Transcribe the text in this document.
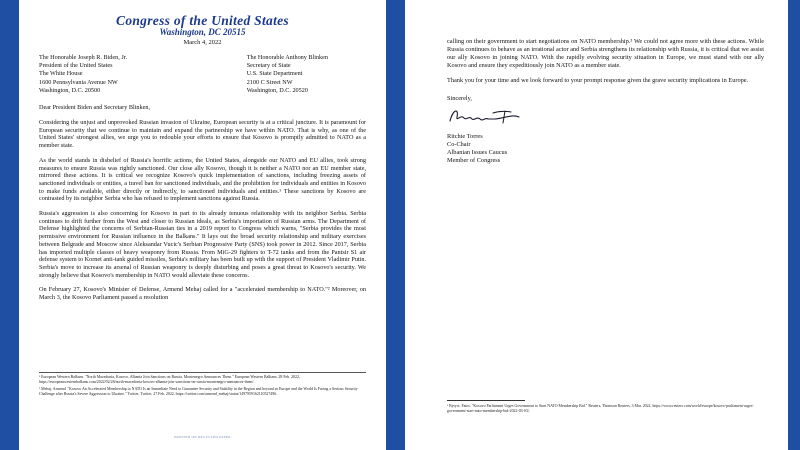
Congress of the United States
Washington, DC 20515
March 4, 2022
The Honorable Joseph R. Biden, Jr.
President of the United States
The White House
1600 Pennsylvania Avenue NW
Washington, D.C. 20500
The Honorable Anthony Blinken
Secretary of State
U.S. State Department
2100 C Street NW
Washington, D.C. 20520
Dear President Biden and Secretary Blinken,

Considering the unjust and unprovoked Russian invasion of Ukraine, European security is at a critical juncture. It is paramount for European security that we continue to maintain and expand the partnership we have within NATO. That is why, as one of the United States' strongest allies, we urge you to redouble your efforts to ensure that Kosovo is promptly admitted to NATO as a member state.

As the world stands in disbelief of Russia's horrific actions, the United States, alongside our NATO and EU allies, took strong measures to ensure Russia was rightly sanctioned. Our close ally Kosovo, though it is neither a NATO nor an EU member state, mirrored these actions. It is critical we recognize Kosovo's quick implementation of sanctions, including freezing assets of sanctioned individuals or entities, a travel ban for sanctioned individuals, and the prohibition for individuals and entities in Kosovo to make funds available, either directly or indirectly, to sanctioned individuals and entities.¹ These sanctions by Kosovo are contrasted by its neighbor Serbia who has refused to implement sanctions against Russia.

Russia's aggression is also concerning for Kosovo in part to its already tenuous relationship with its neighbor Serbia. Serbia continues to drift further from the West and closer to Russian ideals, as Serbia's importation of Russian arms. The Department of Defense highlighted the concerns of Serbian-Russian ties in a 2019 report to Congress which warns, "Serbia provides the most permissive environment for Russian influence in the Balkans." It lays out the broad security relationship and military exercises between Belgrade and Moscow since Aleksandar Vucic's Serbian Progressive Party (SNS) took power in 2012. Since 2017, Serbia has imported multiple classes of heavy weaponry from Russia. From MiG-29 fighters to T-72 tanks and from the Pantsir S1 air defense system to Kornet anti-tank guided missiles, Serbia's military has been built up with the support of President Vladimir Putin. Serbia's move to increase its arsenal of Russian weaponry is deeply disturbing and poses a great threat to Kosovo's security. We strongly believe that Kosovo's membership in NATO would alleviate these concerns.

On February 27, Kosovo's Minister of Defense, Armend Mehaj called for a "accelerated membership to NATO."² Moreover, on March 3, the Kosovo Parliament passed a resolution

¹ European Western Balkans. "North Macedonia, Kosovo, Albania Join Sanctions on Russia, Montenegro Announces Them." European Western Balkans, 28 Feb. 2022, https://europeanwesternbalkans.com/2022/02/28/north-macedonia-kosovo-albania-join-sanctions-on-russia-montenegro-announces-them/.

² Mehaj, Armend. "Kosovo An Accelerated Membership to NATO Is an Immediate Need to Guarantee Security and Stability in the Region and beyond as Europe and the World Is Facing a Serious Security Challenge after Russia's Severe Aggression to Ukraine." Twitter, Twitter, 27 Feb. 2022, https://twitter.com/armend_mehaj/status/1497959162110527496.

PRINTED ON RECYCLED PAPER

calling on their government to start negotiations on NATO membership.³ We could not agree more with these actions. While Russia continues to behave as an irrational actor and Serbia strengthens its relationship with Russia, it is critical that we assist our ally Kosovo in joining NATO. With the rapidly evolving security situation in Europe, we must stand with our ally Kosovo and ensure they expeditiously join NATO as a member state.

Thank you for your time and we look forward to your prompt response given the grave security implications in Europe.

Sincerely,
Ritchie Torres
Co-Chair
Albanian Issues Caucus
Member of Congress

³ Bytyci, Fatos. "Kosovo Parliament Urges Government to Start NATO Membership Bid." Reuters, Thomson Reuters, 3 Mar. 2022, https://www.reuters.com/world/europe/kosovo-parliament-urges-government-start-nato-membership-bid-2022-03-03/.
